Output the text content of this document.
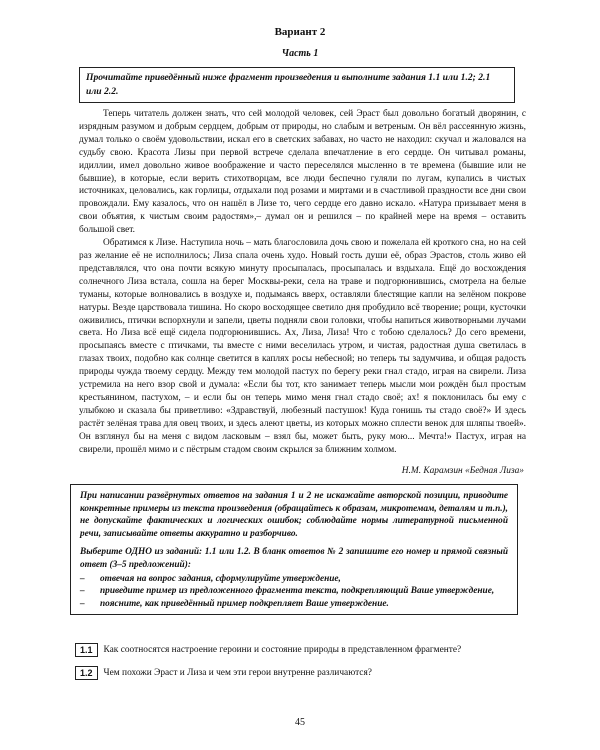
Вариант 2
Часть 1
Прочитайте приведённый ниже фрагмент произведения и выполните задания 1.1 или 1.2; 2.1 или 2.2.

Теперь читатель должен знать, что сей молодой человек, сей Эраст был довольно богатый дворянин, с изрядным разумом и добрым сердцем, добрым от природы, но слабым и ветреным. Он вёл рассеянную жизнь, думал только о своём удовольствии, искал его в светских забавах, но часто не находил: скучал и жаловался на судьбу свою. Красота Лизы при первой встрече сделала впечатление в его сердце. Он читывал романы, идиллии, имел довольно живое воображение и часто переселялся мысленно в те времена (бывшие или не бывшие), в которые, если верить стихотворцам, все люди беспечно гуляли по лугам, купались в чистых источниках, целовались, как горлицы, отдыхали под розами и миртами и в счастливой праздности все дни свои провождали. Ему казалось, что он нашёл в Лизе то, чего сердце его давно искало. «Натура призывает меня в свои объятия, к чистым своим радостям»,– думал он и решился – по крайней мере на время – оставить большой свет.

Обратимся к Лизе. Наступила ночь – мать благословила дочь свою и пожелала ей кроткого сна, но на сей раз желание её не исполнилось; Лиза спала очень худо. Новый гость души её, образ Эрастов, столь живо ей представлялся, что она почти всякую минуту просыпалась, просыпалась и вздыхала. Ещё до восхождения солнечного Лиза встала, сошла на берег Москвы-реки, села на траве и подгорюнившись, смотрела на белые туманы, которые волновались в воздухе и, подымаясь вверх, оставляли блестящие капли на зелёном покрове натуры. Везде царствовала тишина. Но скоро восходящее светило дня пробудило всё творение; рощи, кусточки оживились, птички вспорхнули и запели, цветы подняли свои головки, чтобы напиться животворными лучами света. Но Лиза всё ещё сидела подгорюнившись. Ах, Лиза, Лиза! Что с тобою сделалось? До сего времени, просыпаясь вместе с птичками, ты вместе с ними веселилась утром, и чистая, радостная душа светилась в глазах твоих, подобно как солнце светится в каплях росы небесной; но теперь ты задумчива, и общая радость природы чужда твоему сердцу. Между тем молодой пастух по берегу реки гнал стадо, играя на свирели. Лиза устремила на него взор свой и думала: «Если бы тот, кто занимает теперь мысли мои рождён был простым крестьянином, пастухом, – и если бы он теперь мимо меня гнал стадо своё; ах! я поклонилась бы ему с улыбкою и сказала бы приветливо: «Здравствуй, любезный пастушок! Куда гонишь ты стадо своё?» И здесь растёт зелёная трава для овец твоих, и здесь алеют цветы, из которых можно сплести венок для шляпы твоей». Он взглянул бы на меня с видом ласковым – взял бы, может быть, руку мою... Мечта!» Пастух, играя на свирели, прошёл мимо и с пёстрым стадом своим скрылся за ближним холмом.

Н.М. Карамзин «Бедная Лиза»

При написании развёрнутых ответов на задания 1 и 2 не искажайте авторской позиции, приводите конкретные примеры из текста произведения (обращайтесь к образам, микротемам, деталям и т.п.), не допускайте фактических и логических ошибок; соблюдайте нормы литературной письменной речи, записывайте ответы аккуратно и разборчиво.

Выберите ОДНО из заданий: 1.1 или 1.2. В бланк ответов № 2 запишите его номер и прямой связный ответ (3–5 предложений):

– отвечая на вопрос задания, сформулируйте утверждение,
– приведите пример из предложенного фрагмента текста, подкрепляющий Ваше утверждение,
– поясните, как приведённый пример подкрепляет Ваше утверждение.
1.1	Как соотносятся настроение героини и состояние природы в представленном фрагменте?
1.2	Чем похожи Эраст и Лиза и чем эти герои внутренне различаются?
45
